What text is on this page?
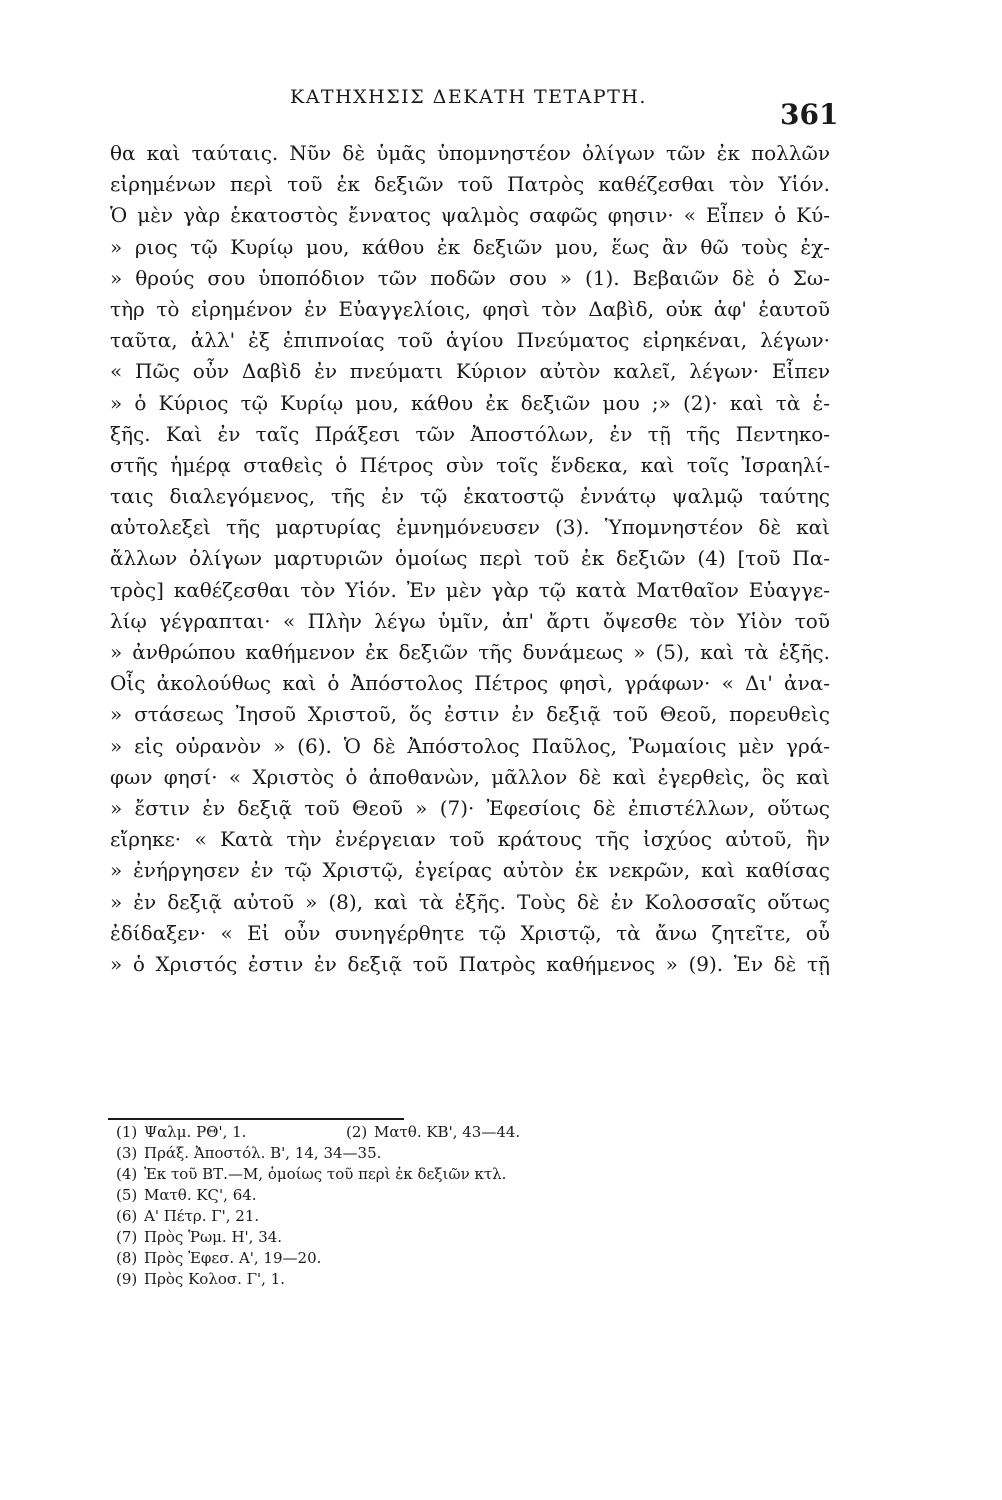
ΚΑΤΗΧΗΣΙΣ ΔΕΚΑΤΗ ΤΕΤΑΡΤΗ.
361
θα καὶ ταύταις. Νῦν δὲ ὑμᾶς ὑπομνηστέον ὀλίγων τῶν ἐκ πολλῶν
εἰρημένων περὶ τοῦ ἐκ δεξιῶν τοῦ Πατρὸς καθέζεσθαι τὸν Υἱόν.
Ὁ μὲν γὰρ ἑκατοστὸς ἔννατος ψαλμὸς σαφῶς φησιν· « Εἶπεν ὁ Κύ-
» ριος τῷ Κυρίῳ μου, κάθου ἐκ δεξιῶν μου, ἕως ἂν θῶ τοὺς ἐχ-
» θρούς σου ὑποπόδιον τῶν ποδῶν σου » (1). Βεβαιῶν δὲ ὁ Σω-
τὴρ τὸ εἰρημένον ἐν Εὐαγγελίοις, φησὶ τὸν Δαβὶδ, οὐκ ἀφ' ἑαυτοῦ
ταῦτα, ἀλλ' ἐξ ἐπιπνοίας τοῦ ἁγίου Πνεύματος εἰρηκέναι, λέγων·
« Πῶς οὖν Δαβὶδ ἐν πνεύματι Κύριον αὐτὸν καλεῖ, λέγων· Εἶπεν
» ὁ Κύριος τῷ Κυρίῳ μου, κάθου ἐκ δεξιῶν μου ;» (2)· καὶ τὰ ἑ-
ξῆς. Καὶ ἐν ταῖς Πράξεσι τῶν Ἀποστόλων, ἐν τῇ τῆς Πεντηκο-
στῆς ἡμέρᾳ σταθεὶς ὁ Πέτρος σὺν τοῖς ἕνδεκα, καὶ τοῖς Ἰσραηλί-
ταις διαλεγόμενος, τῆς ἐν τῷ ἑκατοστῷ ἐννάτῳ ψαλμῷ ταύτης
αὐτολεξεὶ τῆς μαρτυρίας ἐμνημόνευσεν (3). Ὑπομνηστέον δὲ καὶ
ἄλλων ὀλίγων μαρτυριῶν ὁμοίως περὶ τοῦ ἐκ δεξιῶν (4) [τοῦ Πα-
τρὸς] καθέζεσθαι τὸν Υἱόν. Ἐν μὲν γὰρ τῷ κατὰ Ματθαῖον Εὐαγγε-
λίῳ γέγραπται· « Πλὴν λέγω ὑμῖν, ἀπ' ἄρτι ὄψεσθε τὸν Υἱὸν τοῦ
» ἀνθρώπου καθήμενον ἐκ δεξιῶν τῆς δυνάμεως » (5), καὶ τὰ ἑξῆς.
Οἷς ἀκολούθως καὶ ὁ Ἀπόστολος Πέτρος φησὶ, γράφων· « Δι' ἀνα-
» στάσεως Ἰησοῦ Χριστοῦ, ὅς ἐστιν ἐν δεξιᾷ τοῦ Θεοῦ, πορευθεὶς
» εἰς οὐρανὸν » (6). Ὁ δὲ Ἀπόστολος Παῦλος, Ῥωμαίοις μὲν γρά-
φων φησί· « Χριστὸς ὁ ἀποθανὼν, μᾶλλον δὲ καὶ ἐγερθεὶς, ὃς καὶ
» ἔστιν ἐν δεξιᾷ τοῦ Θεοῦ » (7)· Ἐφεσίοις δὲ ἐπιστέλλων, οὕτως
εἴρηκε· « Κατὰ τὴν ἐνέργειαν τοῦ κράτους τῆς ἰσχύος αὐτοῦ, ἣν
» ἐνήργησεν ἐν τῷ Χριστῷ, ἐγείρας αὐτὸν ἐκ νεκρῶν, καὶ καθίσας
» ἐν δεξιᾷ αὐτοῦ » (8), καὶ τὰ ἑξῆς. Τοὺς δὲ ἐν Κολοσσαῖς οὕτως
ἐδίδαξεν· « Εἰ οὖν συνηγέρθητε τῷ Χριστῷ, τὰ ἄνω ζητεῖτε, οὗ
» ὁ Χριστός ἐστιν ἐν δεξιᾷ τοῦ Πατρὸς καθήμενος » (9). Ἐν δὲ τῇ
(1) Ψαλμ. ΡΘ', 1.	(2) Ματθ. ΚΒ', 43—44.
(3) Πράξ. Ἀποστόλ. Β', 14, 34—35.
(4) Ἐκ τοῦ ΒΤ.—Μ, ὁμοίως τοῦ περὶ ἐκ δεξιῶν κτλ.
(5) Ματθ. ΚϚ', 64.
(6) Α' Πέτρ. Γ', 21.
(7) Πρὸς Ῥωμ. Η', 34.
(8) Πρὸς Ἐφεσ. Α', 19—20.
(9) Πρὸς Κολοσ. Γ', 1.
